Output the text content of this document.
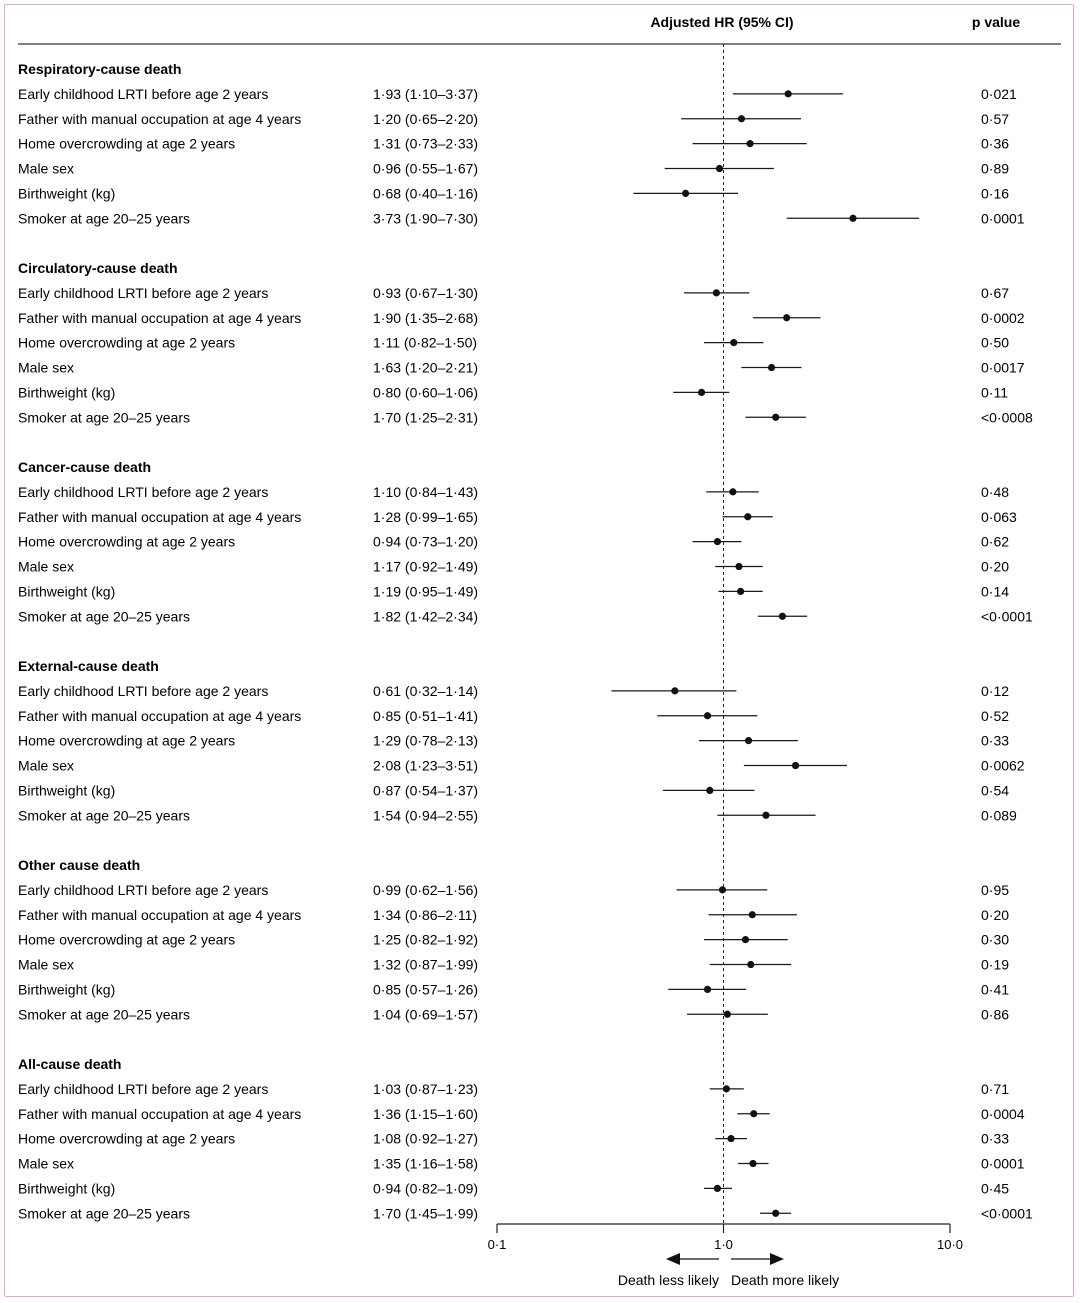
Adjusted HR (95% CI)	p value
Respiratory-cause death
Early childhood LRTI before age 2 years	1·93 (1·10–3·37)	0·021
Father with manual occupation at age 4 years	1·20 (0·65–2·20)	0·57
Home overcrowding at age 2 years	1·31 (0·73–2·33)	0·36
Male sex	0·96 (0·55–1·67)	0·89
Birthweight (kg)	0·68 (0·40–1·16)	0·16
Smoker at age 20–25 years	3·73 (1·90–7·30)	0·0001
Circulatory-cause death
Early childhood LRTI before age 2 years	0·93 (0·67–1·30)	0·67
Father with manual occupation at age 4 years	1·90 (1·35–2·68)	0·0002
Home overcrowding at age 2 years	1·11 (0·82–1·50)	0·50
Male sex	1·63 (1·20–2·21)	0·0017
Birthweight (kg)	0·80 (0·60–1·06)	0·11
Smoker at age 20–25 years	1·70 (1·25–2·31)	<0·0008
Cancer-cause death
Early childhood LRTI before age 2 years	1·10 (0·84–1·43)	0·48
Father with manual occupation at age 4 years	1·28 (0·99–1·65)	0·063
Home overcrowding at age 2 years	0·94 (0·73–1·20)	0·62
Male sex	1·17 (0·92–1·49)	0·20
Birthweight (kg)	1·19 (0·95–1·49)	0·14
Smoker at age 20–25 years	1·82 (1·42–2·34)	<0·0001
External-cause death
Early childhood LRTI before age 2 years	0·61 (0·32–1·14)	0·12
Father with manual occupation at age 4 years	0·85 (0·51–1·41)	0·52
Home overcrowding at age 2 years	1·29 (0·78–2·13)	0·33
Male sex	2·08 (1·23–3·51)	0·0062
Birthweight (kg)	0·87 (0·54–1·37)	0·54
Smoker at age 20–25 years	1·54 (0·94–2·55)	0·089
Other cause death
Early childhood LRTI before age 2 years	0·99 (0·62–1·56)	0·95
Father with manual occupation at age 4 years	1·34 (0·86–2·11)	0·20
Home overcrowding at age 2 years	1·25 (0·82–1·92)	0·30
Male sex	1·32 (0·87–1·99)	0·19
Birthweight (kg)	0·85 (0·57–1·26)	0·41
Smoker at age 20–25 years	1·04 (0·69–1·57)	0·86
All-cause death
Early childhood LRTI before age 2 years	1·03 (0·87–1·23)	0·71
Father with manual occupation at age 4 years	1·36 (1·15–1·60)	0·0004
Home overcrowding at age 2 years	1·08 (0·92–1·27)	0·33
Male sex	1·35 (1·16–1·58)	0·0001
Birthweight (kg)	0·94 (0·82–1·09)	0·45
Smoker at age 20–25 years	1·70 (1·45–1·99)	<0·0001
0·1	1·0	10·0
Death less likely Death more likely
